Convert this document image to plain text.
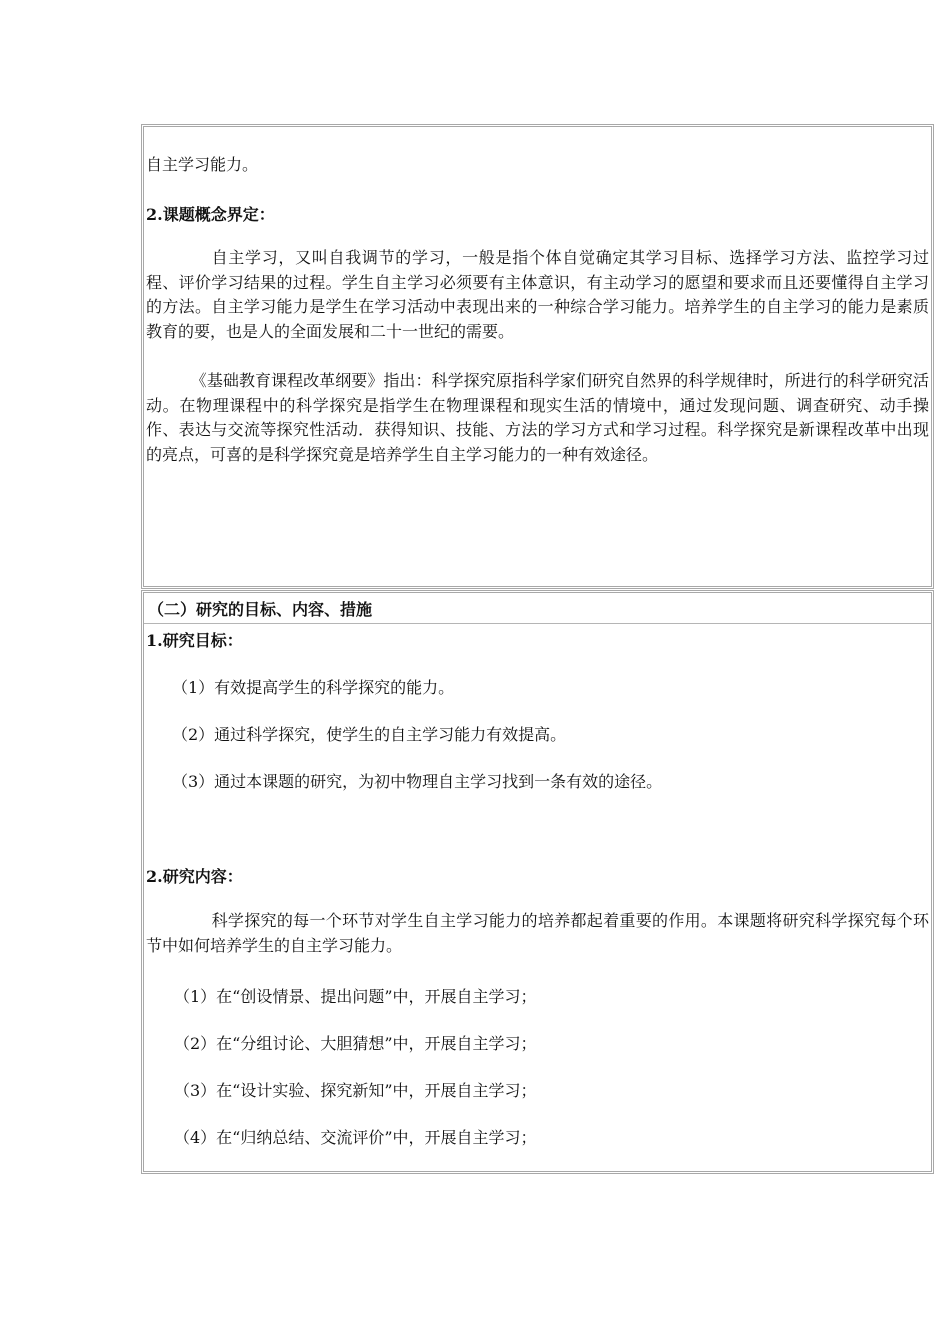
自主学习能力。
2.课题概念界定：
自主学习，又叫自我调节的学习，一般是指个体自觉确定其学习目标、选择学习方法、监控学习过程、评价学习结果的过程。学生自主学习必须要有主体意识，有主动学习的愿望和要求而且还要懂得自主学习的方法。自主学习能力是学生在学习活动中表现出来的一种综合学习能力。培养学生的自主学习的能力是素质教育的要，也是人的全面发展和二十一世纪的需要。
《基础教育课程改革纲要》指出：科学探究原指科学家们研究自然界的科学规律时，所进行的科学研究活动。在物理课程中的科学探究是指学生在物理课程和现实生活的情境中，通过发现问题、调查研究、动手操作、表达与交流等探究性活动．获得知识、技能、方法的学习方式和学习过程。科学探究是新课程改革中出现的亮点，可喜的是科学探究竟是培养学生自主学习能力的一种有效途径。
（二）研究的目标、内容、措施
1.研究目标：
（1）有效提高学生的科学探究的能力。
（2）通过科学探究，使学生的自主学习能力有效提高。
（3）通过本课题的研究，为初中物理自主学习找到一条有效的途径。
2.研究内容：
科学探究的每一个环节对学生自主学习能力的培养都起着重要的作用。本课题将研究科学探究每个环节中如何培养学生的自主学习能力。
（1）在“创设情景、提出问题”中，开展自主学习；
（2）在“分组讨论、大胆猜想”中，开展自主学习；
（3）在“设计实验、探究新知”中，开展自主学习；
（4）在“归纳总结、交流评价”中，开展自主学习；
